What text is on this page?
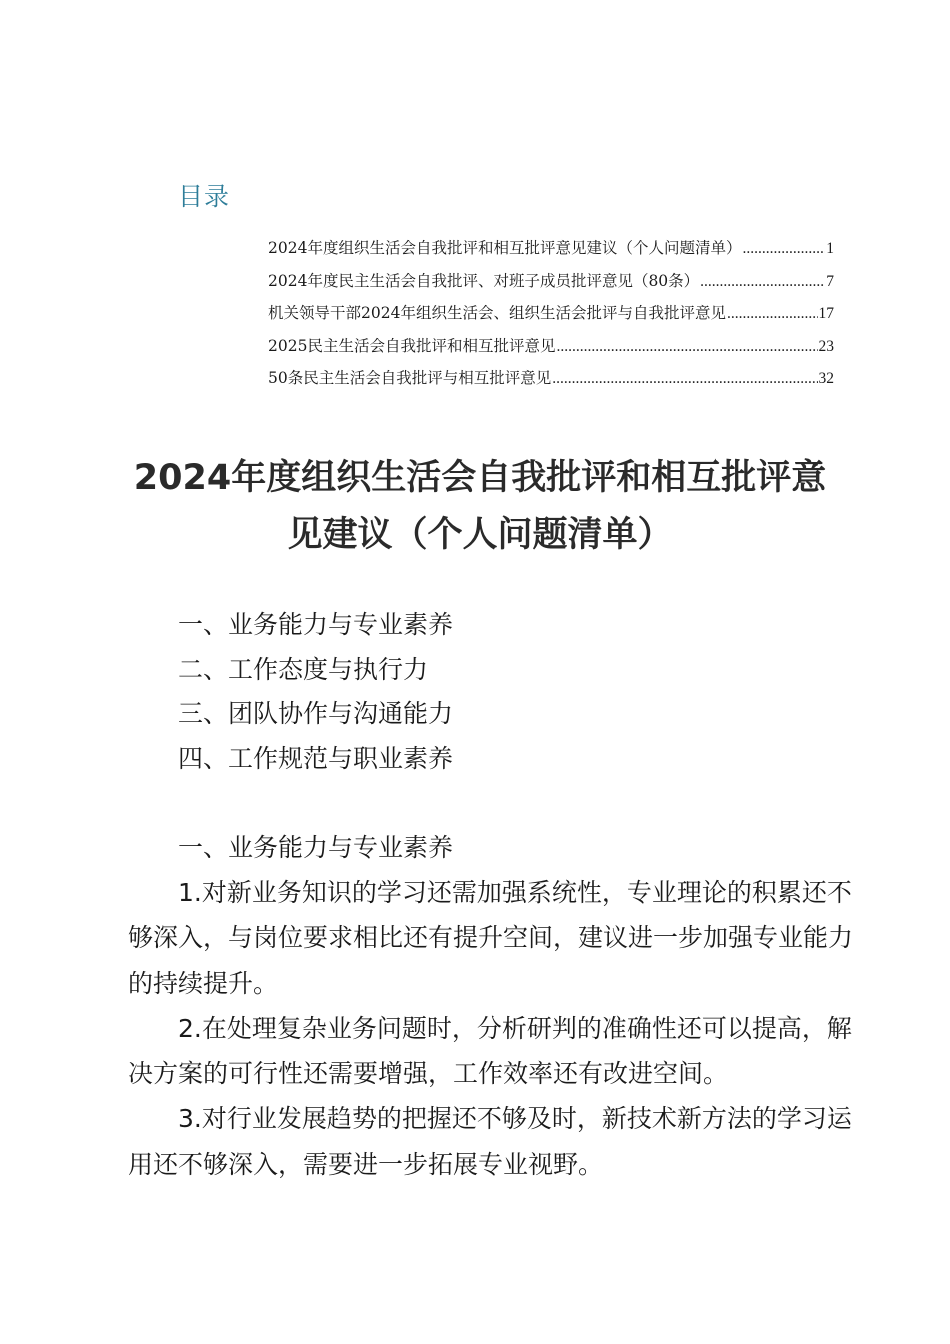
目录
2024年度组织生活会自我批评和相互批评意见建议（个人问题清单） .....	1
2024年度民主生活会自我批评、对班子成员批评意见（80条） .....	7
机关领导干部2024年组织生活会、组织生活会批评与自我批评意见 .....	17
2025民主生活会自我批评和相互批评意见 .....	23
50条民主生活会自我批评与相互批评意见 .....	32
2024年度组织生活会自我批评和相互批评意
见建议（个人问题清单）
一、业务能力与专业素养
二、工作态度与执行力
三、团队协作与沟通能力
四、工作规范与职业素养
一、业务能力与专业素养

1.对新业务知识的学习还需加强系统性，专业理论的积累还不够深入，与岗位要求相比还有提升空间，建议进一步加强专业能力的持续提升。

2.在处理复杂业务问题时，分析研判的准确性还可以提高，解决方案的可行性还需要增强，工作效率还有改进空间。

3.对行业发展趋势的把握还不够及时，新技术新方法的学习运用还不够深入，需要进一步拓展专业视野。
